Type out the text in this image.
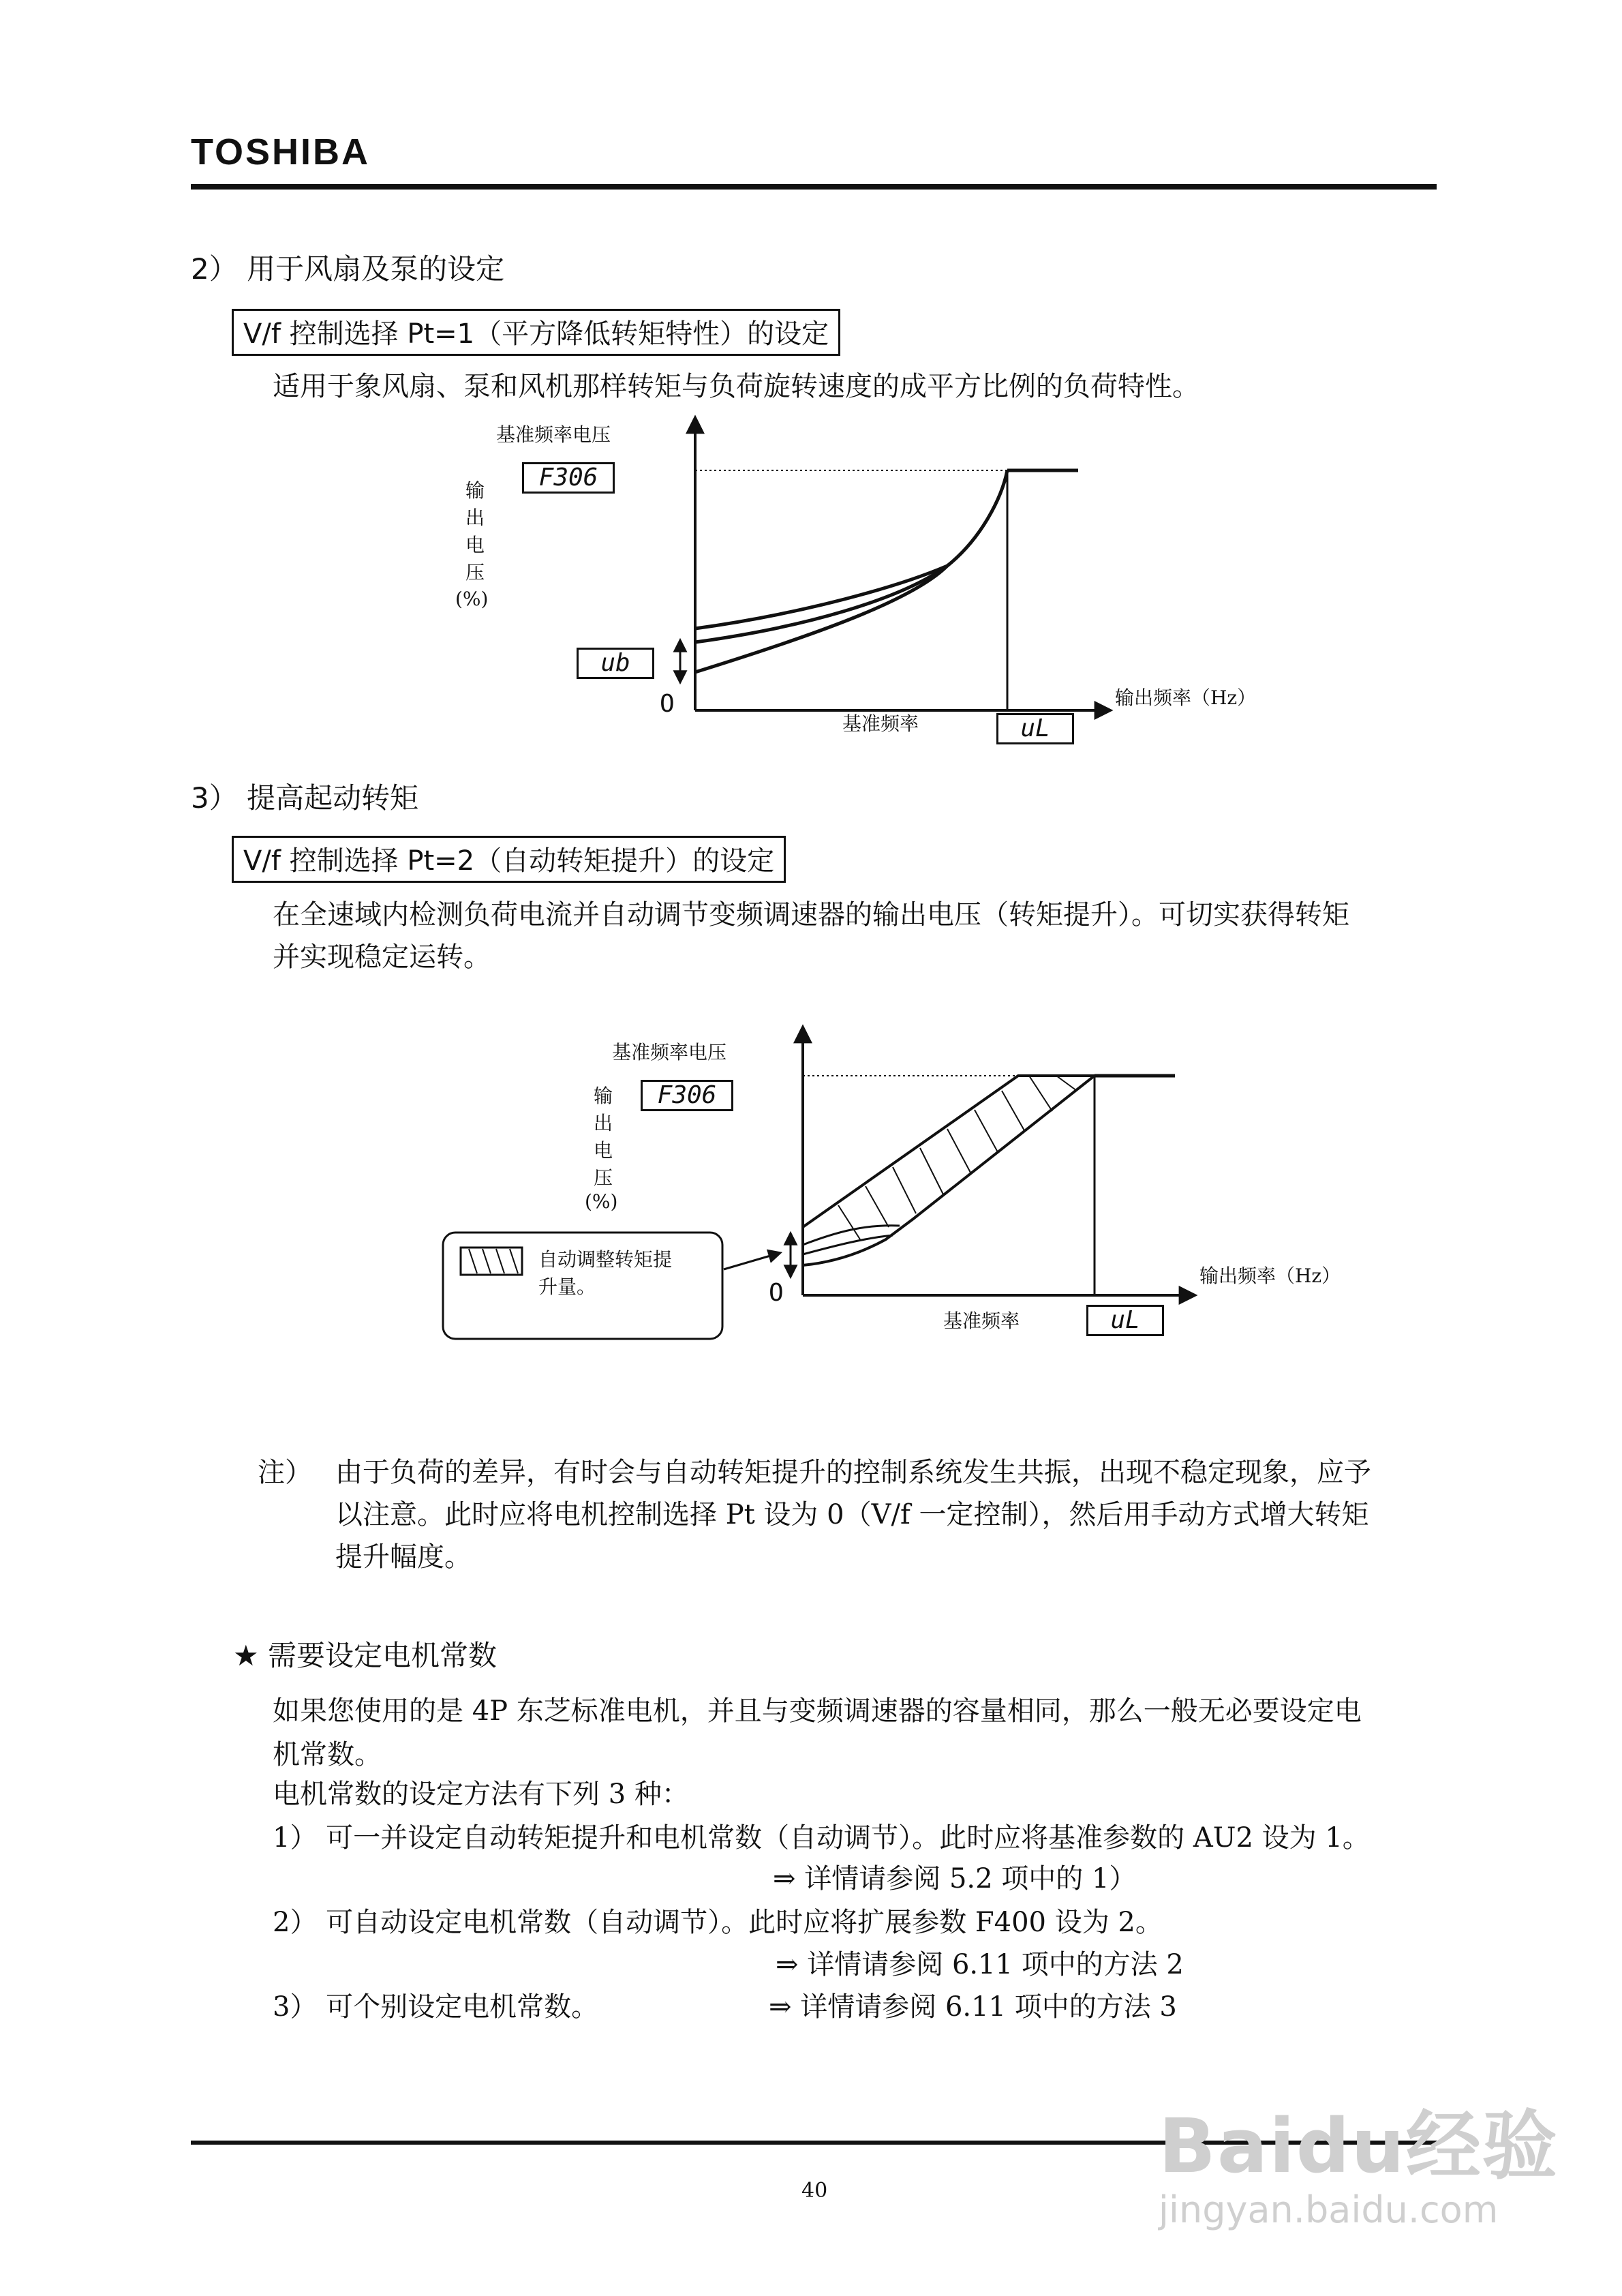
TOSHIBA
2） 用于风扇及泵的设定
V/f 控制选择 Pt=1（平方降低转矩特性）的设定
适用于象风扇、泵和风机那样转矩与负荷旋转速度的成平方比例的负荷特性。
基准频率电压
F306
输
出
电
压
(%)
ub
O	输出频率（Hz）
基准频率	uL
3） 提高起动转矩
V/f 控制选择 Pt=2（自动转矩提升）的设定
在全速域内检测负荷电流并自动调节变频调速器的输出电压（转矩提升）。可切实获得转矩
并实现稳定运转。
基准频率电压
F306
输
出
电
压
(%)
自动调整转矩提
升量。	O
输出频率（Hz）
基准频率	uL
注） 由于负荷的差异，有时会与自动转矩提升的控制系统发生共振，出现不稳定现象，应予
以注意。此时应将电机控制选择 Pt 设为 0（V/f 一定控制），然后用手动方式增大转矩
提升幅度。
★ 需要设定电机常数
如果您使用的是 4P 东芝标准电机，并且与变频调速器的容量相同，那么一般无必要设定电
机常数。
电机常数的设定方法有下列 3 种：
1） 可一并设定自动转矩提升和电机常数（自动调节）。此时应将基准参数的 AU2 设为 1。
⇒ 详情请参阅 5.2 项中的 1）
2） 可自动设定电机常数（自动调节）。此时应将扩展参数 F400 设为 2。
⇒ 详情请参阅 6.11 项中的方法 2
3） 可个别设定电机常数。	⇒ 详情请参阅 6.11 项中的方法 3
40
Baidu经验
jingyan.baidu.com
